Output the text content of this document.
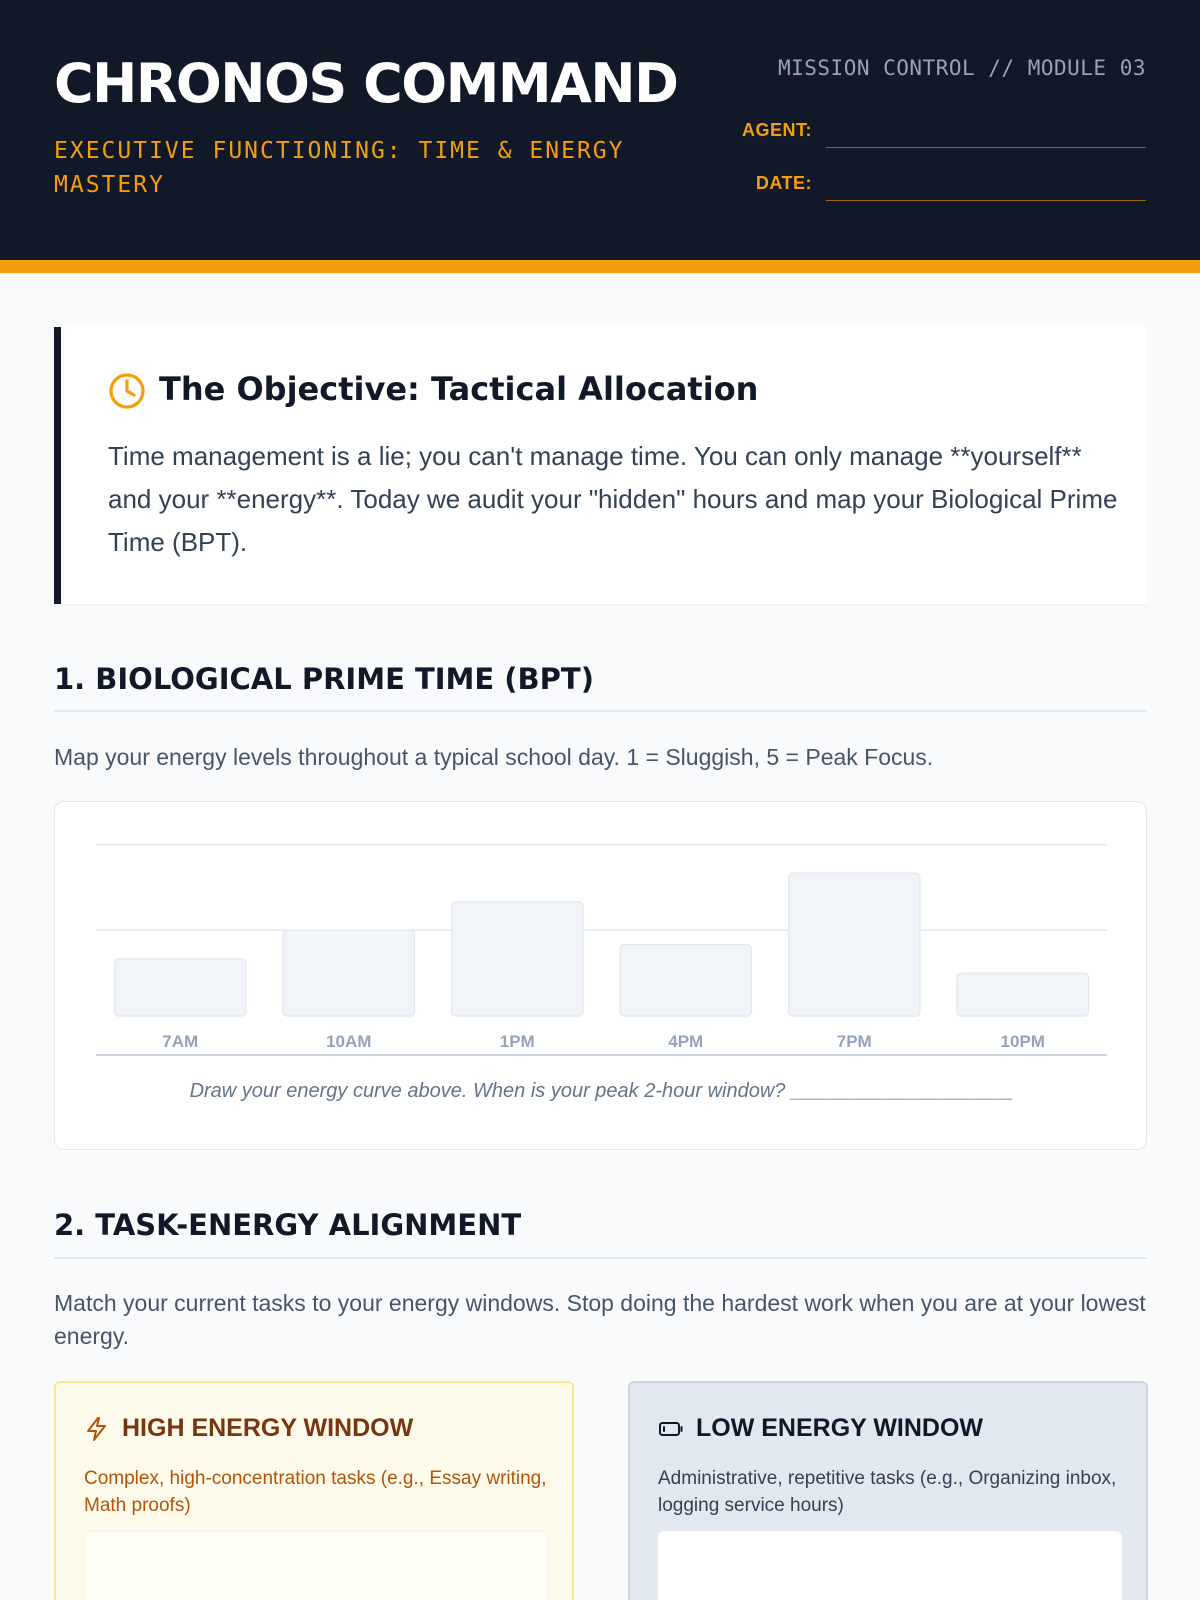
CHRONOS COMMAND
EXECUTIVE FUNCTIONING: TIME & ENERGY MASTERY
MISSION CONTROL // MODULE 03
AGENT:
DATE:
The Objective: Tactical Allocation
Time management is a lie; you can't manage time. You can only manage **yourself** and your **energy**. Today we audit your "hidden" hours and map your Biological Prime Time (BPT).
1. BIOLOGICAL PRIME TIME (BPT)
Map your energy levels throughout a typical school day. 1 = Sluggish, 5 = Peak Focus.
7AM	10AM	1PM	4PM	7PM	10PM
Draw your energy curve above. When is your peak 2-hour window? ____________________
2. TASK-ENERGY ALIGNMENT
Match your current tasks to your energy windows. Stop doing the hardest work when you are at your lowest energy.
HIGH ENERGY WINDOW
Complex, high-concentration tasks (e.g., Essay writing, Math proofs)
LOW ENERGY WINDOW
Administrative, repetitive tasks (e.g., Organizing inbox, logging service hours)
